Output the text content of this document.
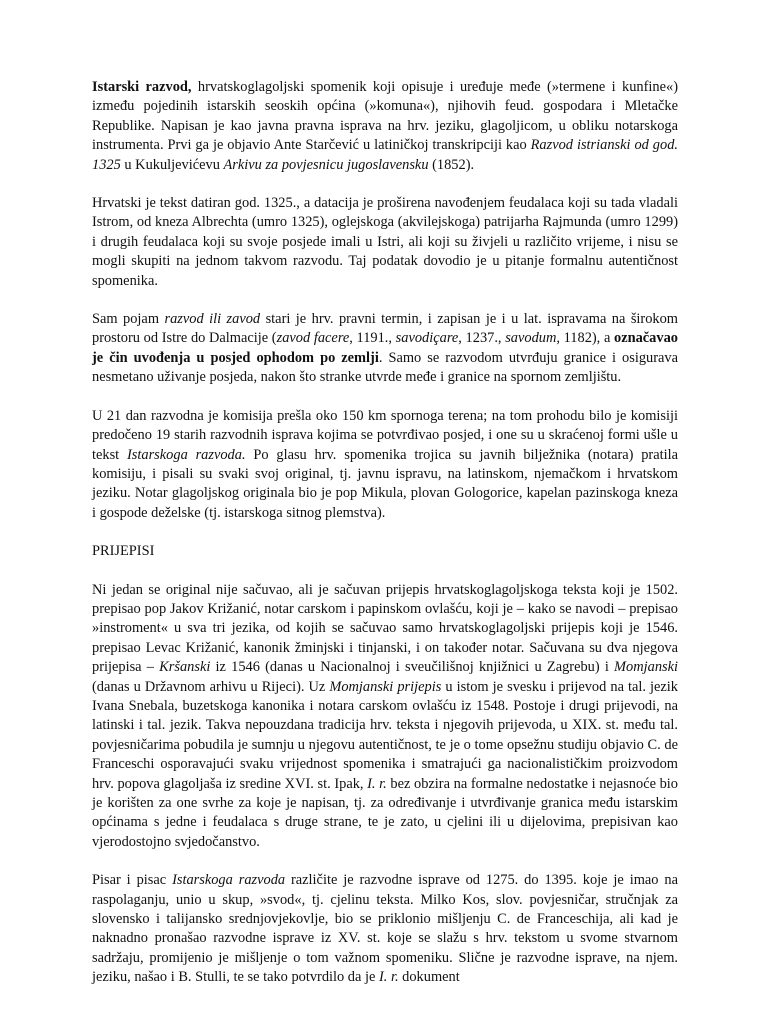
Istarski razvod, hrvatskoglagoljski spomenik koji opisuje i uređuje međe (»termene i kunfine«) između pojedinih istarskih seoskih općina (»komuna«), njihovih feud. gospodara i Mletačke Republike. Napisan je kao javna pravna isprava na hrv. jeziku, glagoljicom, u obliku notarskoga instrumenta. Prvi ga je objavio Ante Starčević u latiničkoj transkripciji kao Razvod istrianski od god. 1325 u Kukuljevićevu Arkivu za povjesnicu jugoslavensku (1852).

Hrvatski je tekst datiran god. 1325., a datacija je proširena navođenjem feudalaca koji su tada vladali Istrom, od kneza Albrechta (umro 1325), oglejskoga (akvilejskoga) patrijarha Rajmunda (umro 1299) i drugih feudalaca koji su svoje posjede imali u Istri, ali koji su živjeli u različito vrijeme, i nisu se mogli skupiti na jednom takvom razvodu. Taj podatak dovodio je u pitanje formalnu autentičnost spomenika.

Sam pojam razvod ili zavod stari je hrv. pravni termin, i zapisan je i u lat. ispravama na širokom prostoru od Istre do Dalmacije (zavod facere, 1191., savodiçare, 1237., savodum, 1182), a označavao je čin uvođenja u posjed ophodom po zemlji. Samo se razvodom utvrđuju granice i osigurava nesmetano uživanje posjeda, nakon što stranke utvrde međe i granice na spornom zemljištu.

U 21 dan razvodna je komisija prešla oko 150 km spornoga terena; na tom prohodu bilo je komisiji predočeno 19 starih razvodnih isprava kojima se potvrđivao posjed, i one su u skraćenoj formi ušle u tekst Istarskoga razvoda. Po glasu hrv. spomenika trojica su javnih bilježnika (notara) pratila komisiju, i pisali su svaki svoj original, tj. javnu ispravu, na latinskom, njemačkom i hrvatskom jeziku. Notar glagoljskog originala bio je pop Mikula, plovan Gologorice, kapelan pazinskoga kneza i gospode deželske (tj. istarskoga sitnog plemstva).

PRIJEPISI

Ni jedan se original nije sačuvao, ali je sačuvan prijepis hrvatskoglagoljskoga teksta koji je 1502. prepisao pop Jakov Križanić, notar carskom i papinskom ovlašću, koji je – kako se navodi – prepisao »instroment« u sva tri jezika, od kojih se sačuvao samo hrvatskoglagoljski prijepis koji je 1546. prepisao Levac Križanić, kanonik žminjski i tinjanski, i on također notar. Sačuvana su dva njegova prijepisa – Kršanski iz 1546 (danas u Nacionalnoj i sveučilišnoj knjižnici u Zagrebu) i Momjanski (danas u Državnom arhivu u Rijeci). Uz Momjanski prijepis u istom je svesku i prijevod na tal. jezik Ivana Snebala, buzetskoga kanonika i notara carskom ovlašću iz 1548. Postoje i drugi prijevodi, na latinski i tal. jezik. Takva nepouzdana tradicija hrv. teksta i njegovih prijevoda, u XIX. st. među tal. povjesničarima pobudila je sumnju u njegovu autentičnost, te je o tome opsežnu studiju objavio C. de Franceschi osporavajući svaku vrijednost spomenika i smatrajući ga nacionalističkim proizvodom hrv. popova glagoljaša iz sredine XVI. st. Ipak, I. r. bez obzira na formalne nedostatke i nejasnoće bio je korišten za one svrhe za koje je napisan, tj. za određivanje i utvrđivanje granica među istarskim općinama s jedne i feudalaca s druge strane, te je zato, u cjelini ili u dijelovima, prepisivan kao vjerodostojno svjedočanstvo.

Pisar i pisac Istarskoga razvoda različite je razvodne isprave od 1275. do 1395. koje je imao na raspolaganju, unio u skup, »svod«, tj. cjelinu teksta. Milko Kos, slov. povjesničar, stručnjak za slovensko i talijansko srednjovjekovlje, bio se priklonio mišljenju C. de Franceschija, ali kad je naknadno pronašao razvodne isprave iz XV. st. koje se slažu s hrv. tekstom u svome stvarnom sadržaju, promijenio je mišljenje o tom važnom spomeniku. Slične je razvodne isprave, na njem. jeziku, našao i B. Stulli, te se tako potvrdilo da je I. r. dokument
